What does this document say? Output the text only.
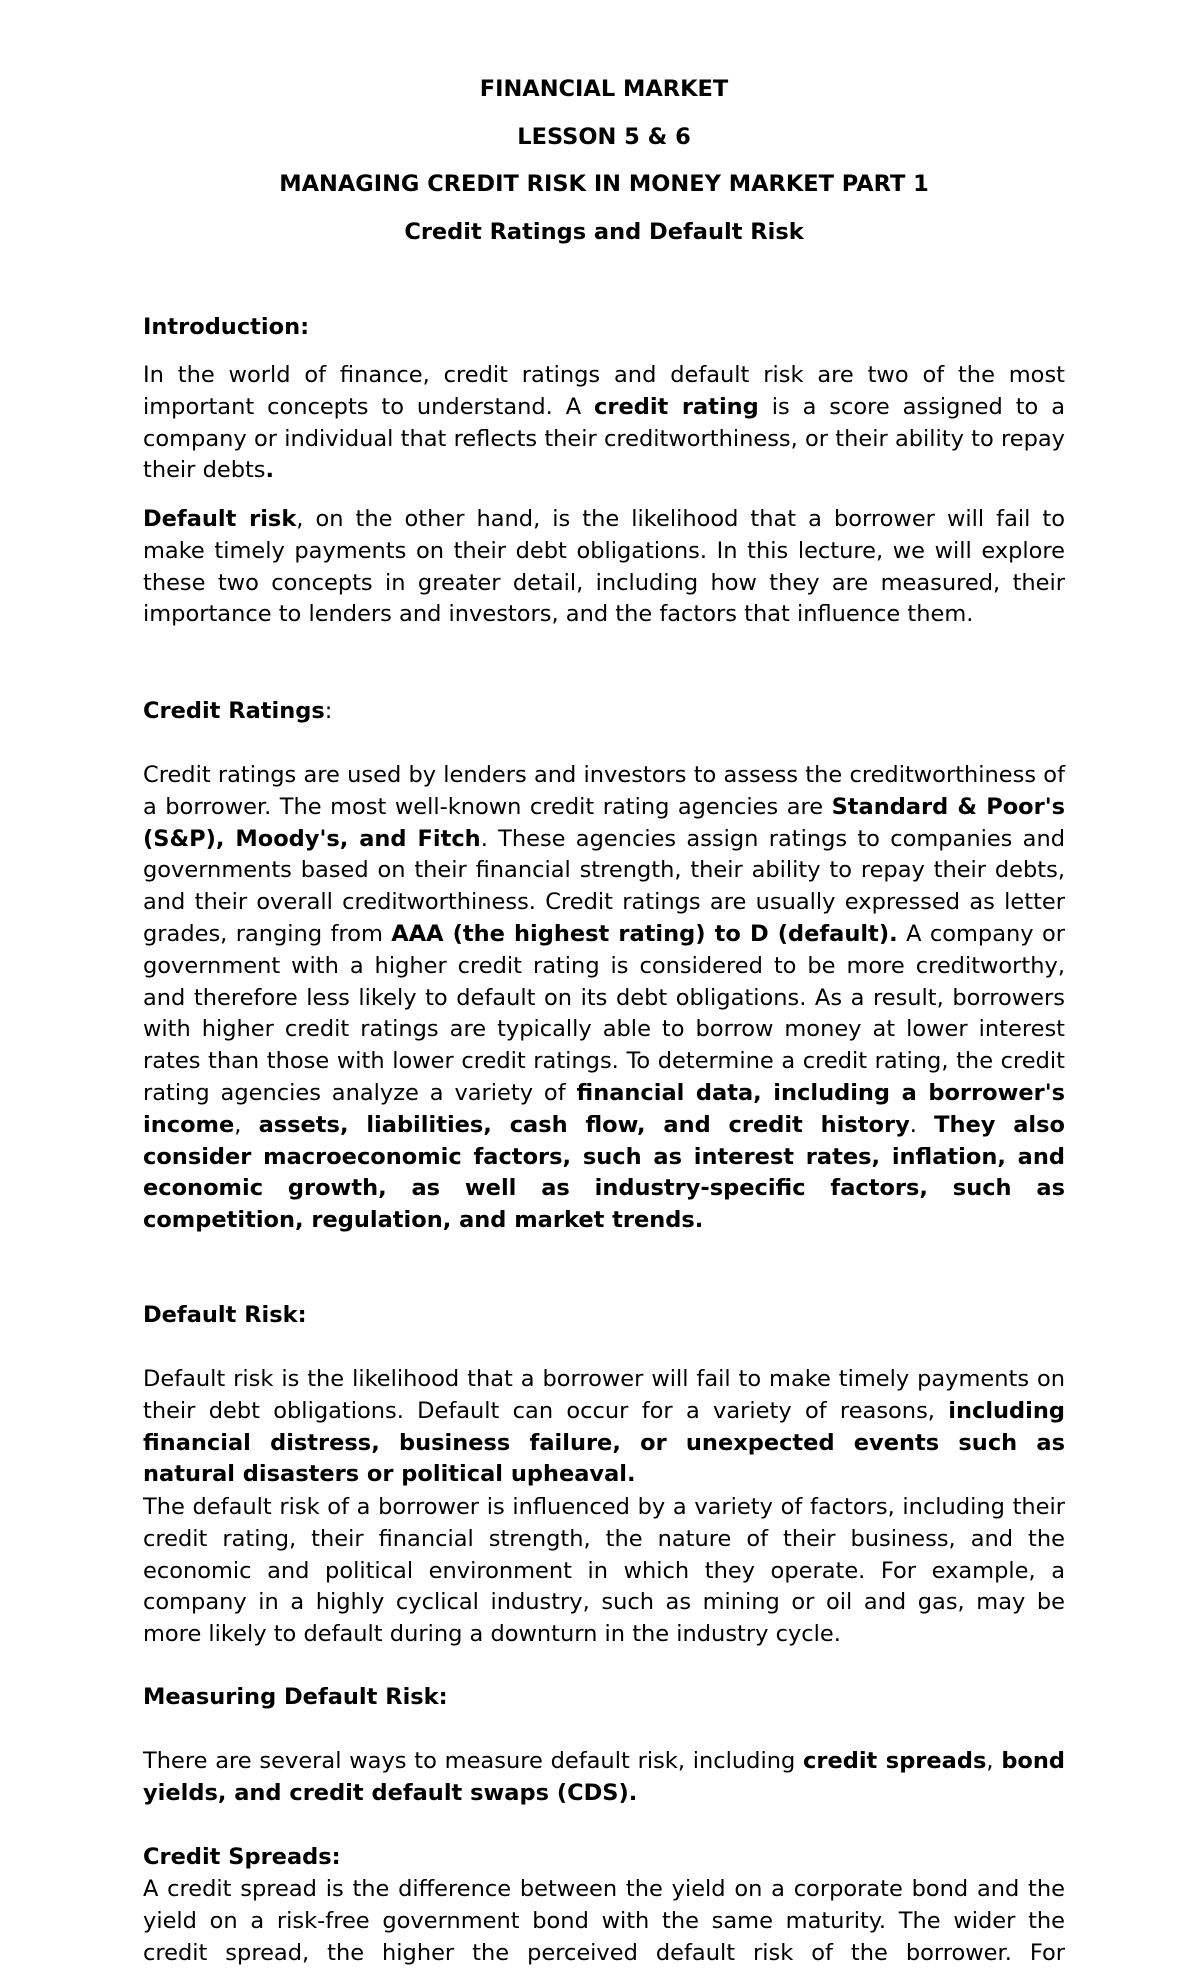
FINANCIAL MARKET

LESSON 5 & 6

MANAGING CREDIT RISK IN MONEY MARKET PART 1

Credit Ratings and Default Risk

Introduction:

In the world of finance, credit ratings and default risk are two of the most important concepts to understand. A credit rating is a score assigned to a company or individual that reflects their creditworthiness, or their ability to repay their debts.

Default risk, on the other hand, is the likelihood that a borrower will fail to make timely payments on their debt obligations. In this lecture, we will explore these two concepts in greater detail, including how they are measured, their importance to lenders and investors, and the factors that influence them.

Credit Ratings:

Credit ratings are used by lenders and investors to assess the creditworthiness of a borrower. The most well-known credit rating agencies are Standard & Poor's (S&P), Moody's, and Fitch. These agencies assign ratings to companies and governments based on their financial strength, their ability to repay their debts, and their overall creditworthiness. Credit ratings are usually expressed as letter grades, ranging from AAA (the highest rating) to D (default). A company or government with a higher credit rating is considered to be more creditworthy, and therefore less likely to default on its debt obligations. As a result, borrowers with higher credit ratings are typically able to borrow money at lower interest rates than those with lower credit ratings. To determine a credit rating, the credit rating agencies analyze a variety of financial data, including a borrower's income, assets, liabilities, cash flow, and credit history. They also consider macroeconomic factors, such as interest rates, inflation, and economic growth, as well as industry-specific factors, such as competition, regulation, and market trends.

Default Risk:

Default risk is the likelihood that a borrower will fail to make timely payments on their debt obligations. Default can occur for a variety of reasons, including financial distress, business failure, or unexpected events such as natural disasters or political upheaval.

The default risk of a borrower is influenced by a variety of factors, including their credit rating, their financial strength, the nature of their business, and the economic and political environment in which they operate. For example, a company in a highly cyclical industry, such as mining or oil and gas, may be more likely to default during a downturn in the industry cycle.

Measuring Default Risk:

There are several ways to measure default risk, including credit spreads, bond yields, and credit default swaps (CDS).

Credit Spreads:

A credit spread is the difference between the yield on a corporate bond and the yield on a risk-free government bond with the same maturity. The wider the credit spread, the higher the perceived default risk of the borrower. For
